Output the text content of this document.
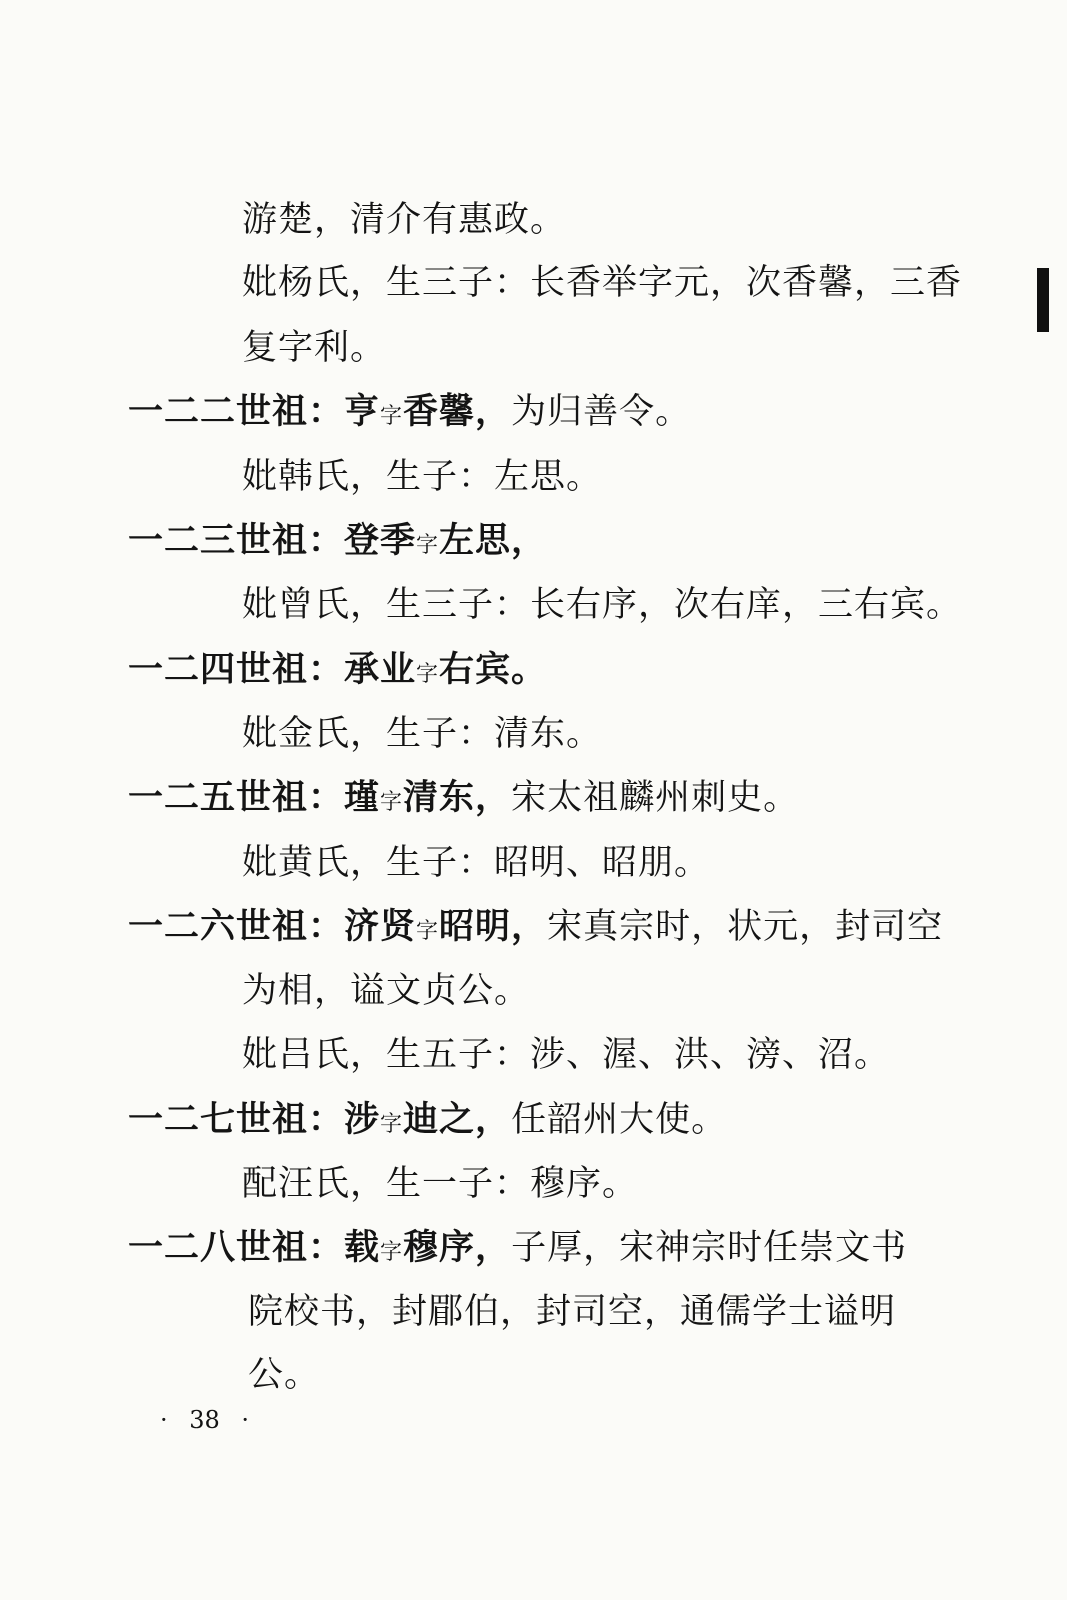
游楚，清介有惠政。
妣杨氏，生三子：长香举字元，次香馨，三香
复字利。
一二二世祖：亨字香馨，为归善令。
妣韩氏，生子：左思。
一二三世祖：登季字左思，
妣曾氏，生三子：长右序，次右庠，三右宾。
一二四世祖：承业字右宾。
妣金氏，生子：清东。
一二五世祖：瑾字清东，宋太祖麟州刺史。
妣黄氏，生子：昭明、昭朋。
一二六世祖：济贤字昭明，宋真宗时，状元，封司空
为相，谥文贞公。
妣吕氏，生五子：涉、渥、洪、滂、沼。
一二七世祖：涉字迪之，任韶州大使。
配汪氏，生一子：穆序。
一二八世祖：载字穆序，子厚，宋神宗时任崇文书
院校书，封郿伯，封司空，通儒学士谥明
公。
· 38 ·
